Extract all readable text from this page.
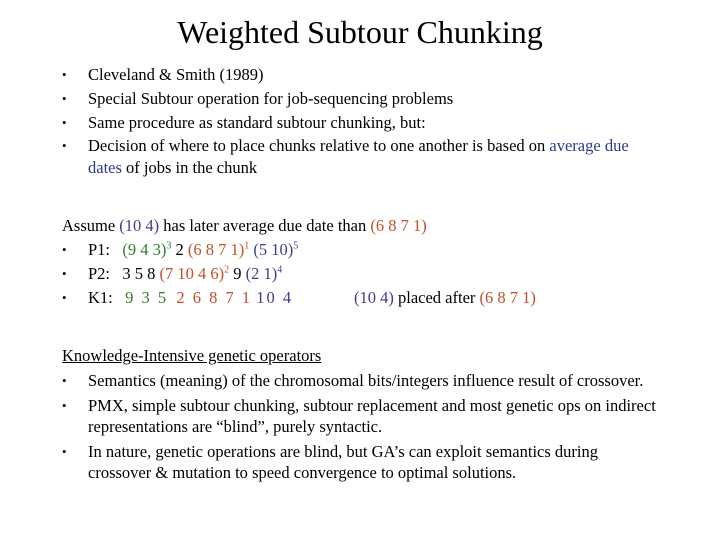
Weighted Subtour Chunking
• Cleveland & Smith (1989)
• Special Subtour operation for job-sequencing problems
• Same procedure as standard subtour chunking, but:
• Decision of where to place chunks relative to one another is based on average due dates of jobs in the chunk
Assume (10 4) has later average due date than (6 8 7 1)
• P1: (9 4 3)$^3$ 2 (6 8 7 1)$^1$ (5 10)$^5$
• P2: 3 5 8 (7 10 4 6)$^2$ 9 (2 1)$^4$
• K1: 9 3 5 2 6 8 7 1 10 4	(10 4) placed after (6 8 7 1)
Knowledge-Intensive genetic operators
• Semantics (meaning) of the chromosomal bits/integers influence result of crossover.
• PMX, simple subtour chunking, subtour replacement and most genetic ops on indirect representations are “blind”, purely syntactic.
• In nature, genetic operations are blind, but GA’s can exploit semantics during crossover & mutation to speed convergence to optimal solutions.
